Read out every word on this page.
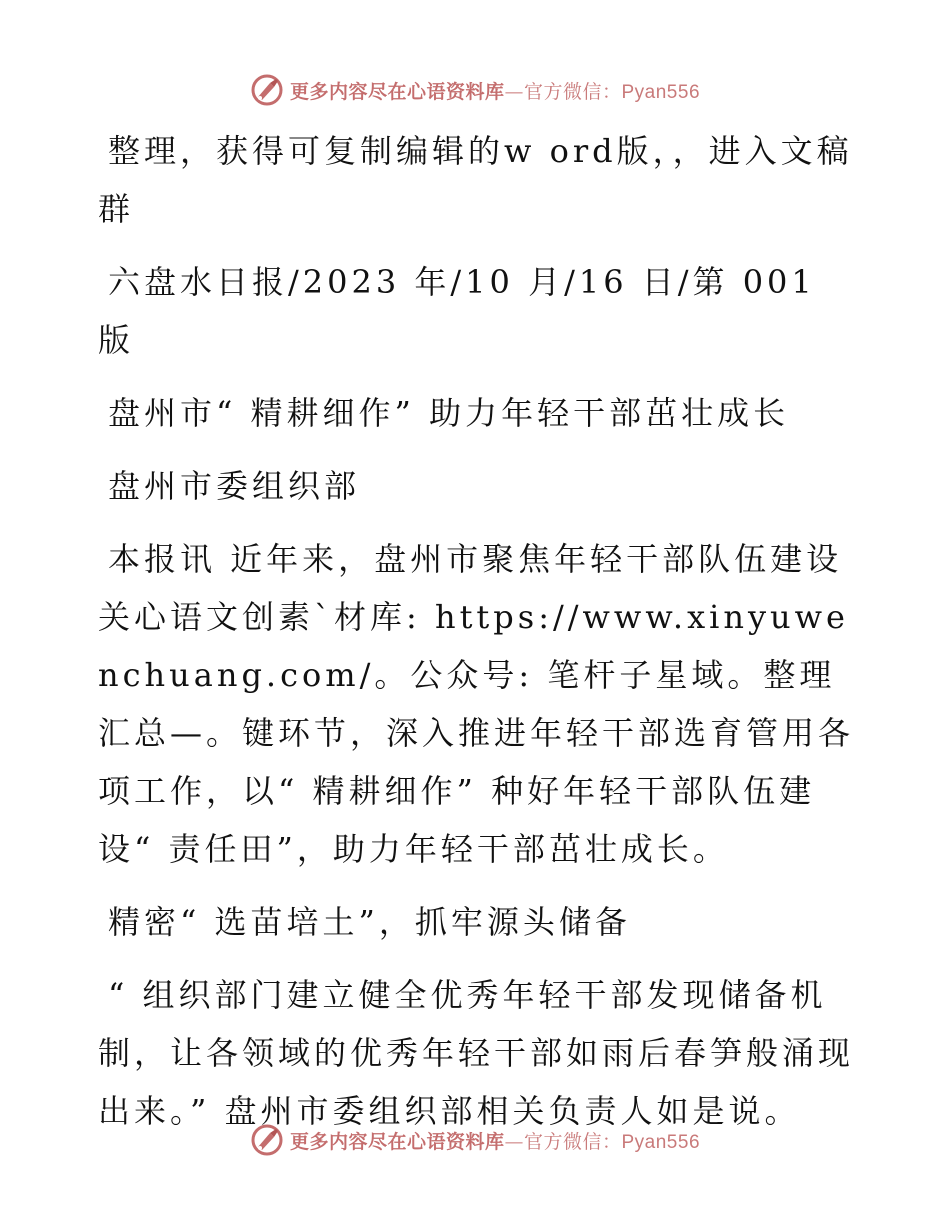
更多内容尽在心语资料库—官方微信：Pyan556

整理，获得可复制编辑的w ord版，，进入文稿群

六盘水日报/2023 年/10 月/16 日/第 001 版

盘州市“ 精耕细作” 助力年轻干部茁壮成长

盘州市委组织部

本报讯 近年来，盘州市聚焦年轻干部队伍建设关心语文创素`材库: https://www.xinyuwenchuang.com/。公众号: 笔杆子星域。整理汇总—。键环节，深入推进年轻干部选育管用各项工作，以“ 精耕细作” 种好年轻干部队伍建设“ 责任田”，助力年轻干部茁壮成长。

精密“ 选苗培土”，抓牢源头储备

“ 组织部门建立健全优秀年轻干部发现储备机制，让各领域的优秀年轻干部如雨后春笋般涌现出来。” 盘州市委组织部相关负责人如是说。

更多内容尽在心语资料库—官方微信：Pyan556
